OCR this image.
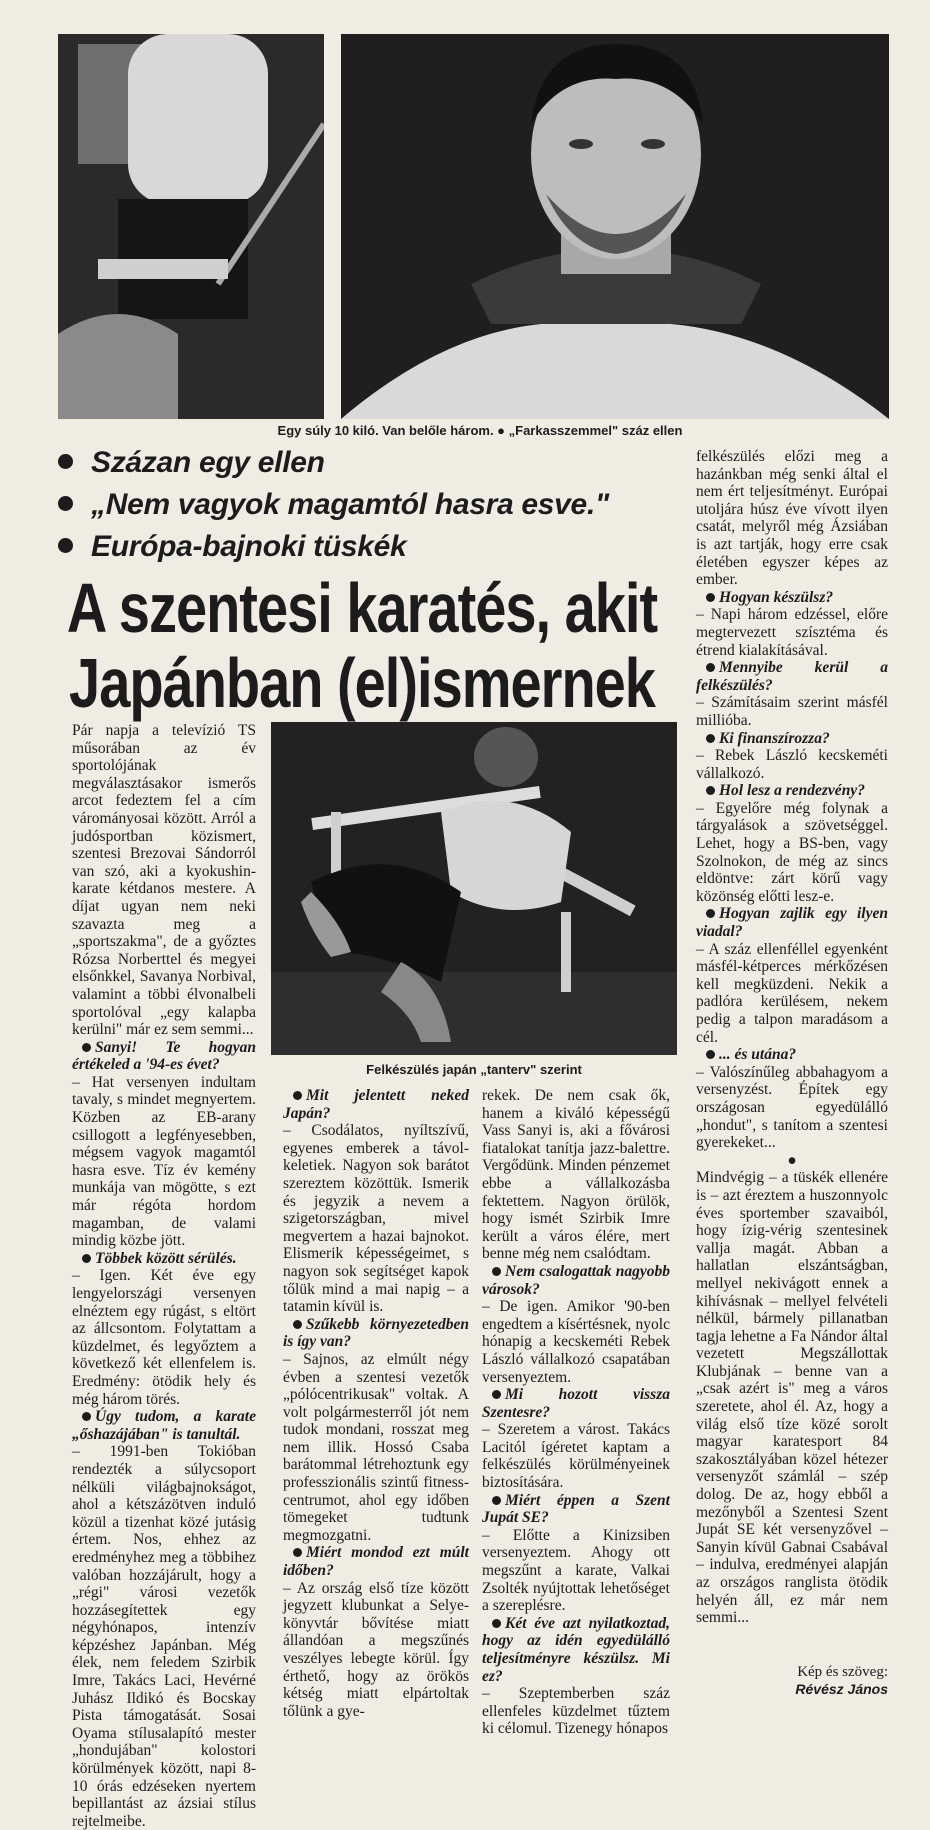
Egy súly 10 kiló. Van belőle három. ● „Farkasszemmel" száz ellen
Százan egy ellen
„Nem vagyok magamtól hasra esve."
Európa-bajnoki tüskék
A szentesi karatés, akit
Japánban (el)ismernek
Felkészülés japán „tanterv" szerint

Pár napja a televízió TS műsorában az év sportolójának megválasztásakor ismerős arcot fedeztem fel a cím várományosai között. Arról a judósportban közismert, szentesi Brezovai Sándorról van szó, aki a kyokushin-karate kétdanos mestere. A díjat ugyan nem neki szavazta meg a „sportszakma", de a győztes Rózsa Norberttel és megyei elsőnkkel, Savanya Norbival, valamint a többi élvonalbeli sportolóval „egy kalapba kerülni" már ez sem semmi...

Sanyi! Te hogyan értékeled a '94-es évet?

– Hat versenyen indultam tavaly, s mindet megnyertem. Közben az EB-arany csillogott a legfényesebben, mégsem vagyok magamtól hasra esve. Tíz év kemény munkája van mögötte, s ezt már régóta hordom magamban, de valami mindig közbe jött.

Többek között sérülés.

– Igen. Két éve egy lengyelországi versenyen elnéztem egy rúgást, s eltört az állcsontom. Folytattam a küzdelmet, és legyőztem a következő két ellenfelem is. Eredmény: ötödik hely és még három törés.

Úgy tudom, a karate „őshazájában" is tanultál.

– 1991-ben Tokióban rendezték a súlycsoport nélküli világbajnokságot, ahol a kétszázötven induló közül a tizenhat közé jutásig értem. Nos, ehhez az eredményhez meg a többihez valóban hozzájárult, hogy a „régi" városi vezetők hozzásegítettek egy négyhónapos, intenzív képzéshez Japánban. Még élek, nem feledem Szirbik Imre, Takács Laci, Hevérné Juhász Ildikó és Bocskay Pista támogatását. Sosai Oyama stílusalapító mester „hondujában" kolostori körülmények között, napi 8-10 órás edzéseken nyertem bepillantást az ázsiai stílus rejtelmeibe.

Mit jelentett neked Japán?

– Csodálatos, nyíltszívű, egyenes emberek a távol-keletiek. Nagyon sok barátot szereztem közöttük. Ismerik és jegyzik a nevem a szigetországban, mivel megvertem a hazai bajnokot. Elismerik képességeimet, s nagyon sok segítséget kapok tőlük mind a mai napig – a tatamin kívül is.

Szűkebb környezetedben is így van?

– Sajnos, az elmúlt négy évben a szentesi vezetők „pólócentrikusak" voltak. A volt polgármesterről jót nem tudok mondani, rosszat meg nem illik. Hossó Csaba barátommal létrehoztunk egy professzionális szintű fitness-centrumot, ahol egy időben tömegeket tudtunk megmozgatni.

Miért mondod ezt múlt időben?

– Az ország első tíze között jegyzett klubunkat a Selye-könyvtár bővítése miatt állandóan a megszűnés veszélyes lebegte körül. Így érthető, hogy az örökös kétség miatt elpártoltak tőlünk a gye-

rekek. De nem csak ők, hanem a kiváló képességű Vass Sanyi is, aki a fővárosi fiatalokat tanítja jazz-balettre. Vergődünk. Minden pénzemet ebbe a vállalkozásba fektettem. Nagyon örülök, hogy ismét Szirbik Imre került a város élére, mert benne még nem csalódtam.

Nem csalogattak nagyobb városok?

– De igen. Amikor '90-ben engedtem a kísértésnek, nyolc hónapig a kecskeméti Rebek László vállalkozó csapatában versenyeztem.

Mi hozott vissza Szentesre?

– Szeretem a várost. Takács Lacitól ígéretet kaptam a felkészülés körülményeinek biztosítására.

Miért éppen a Szent Jupát SE?

– Előtte a Kinizsiben versenyeztem. Ahogy ott megszűnt a karate, Valkai Zsolték nyújtottak lehetőséget a szereplésre.

Két éve azt nyilatkoztad, hogy az idén egyedülálló teljesítményre készülsz. Mi ez?

– Szeptemberben száz ellenfeles küzdelmet tűztem ki célomul. Tizenegy hónapos

felkészülés előzi meg a hazánkban még senki által el nem ért teljesítményt. Európai utoljára húsz éve vívott ilyen csatát, melyről még Ázsiában is azt tartják, hogy erre csak életében egyszer képes az ember.

Hogyan készülsz?

– Napi három edzéssel, előre megtervezett szísztéma és étrend kialakításával.

Mennyibe kerül a felkészülés?

– Számításaim szerint másfél millióba.

Ki finanszírozza?

– Rebek László kecskeméti vállalkozó.

Hol lesz a rendezvény?

– Egyelőre még folynak a tárgyalások a szövetséggel. Lehet, hogy a BS-ben, vagy Szolnokon, de még az sincs eldöntve: zárt körű vagy közönség előtti lesz-e.

Hogyan zajlik egy ilyen viadal?

– A száz ellenféllel egyenként másfél-kétperces mérkőzésen kell megküzdeni. Nekik a padlóra kerülésem, nekem pedig a talpon maradásom a cél.

... és utána?

– Valószínűleg abbahagyom a versenyzést. Építek egy országosan egyedülálló „hondut", s tanítom a szentesi gyerekeket...

●

Mindvégig – a tüskék ellenére is – azt éreztem a huszonnyolc éves sportember szavaiból, hogy ízig-vérig szentesinek vallja magát. Abban a hallatlan elszántságban, mellyel nekivágott ennek a kihívásnak – mellyel felvételi nélkül, bármely pillanatban tagja lehetne a Fa Nándor által vezetett Megszállottak Klubjának – benne van a „csak azért is" meg a város szeretete, ahol él. Az, hogy a világ első tíze közé sorolt magyar karatesport 84 szakosztályában közel hétezer versenyzőt számlál – szép dolog. De az, hogy ebből a mezőnyből a Szentesi Szent Jupát SE két versenyzővel – Sanyin kívül Gabnai Csabával – indulva, eredményei alapján az országos ranglista ötödik helyén áll, ez már nem semmi...

Kép és szöveg:
Révész János
